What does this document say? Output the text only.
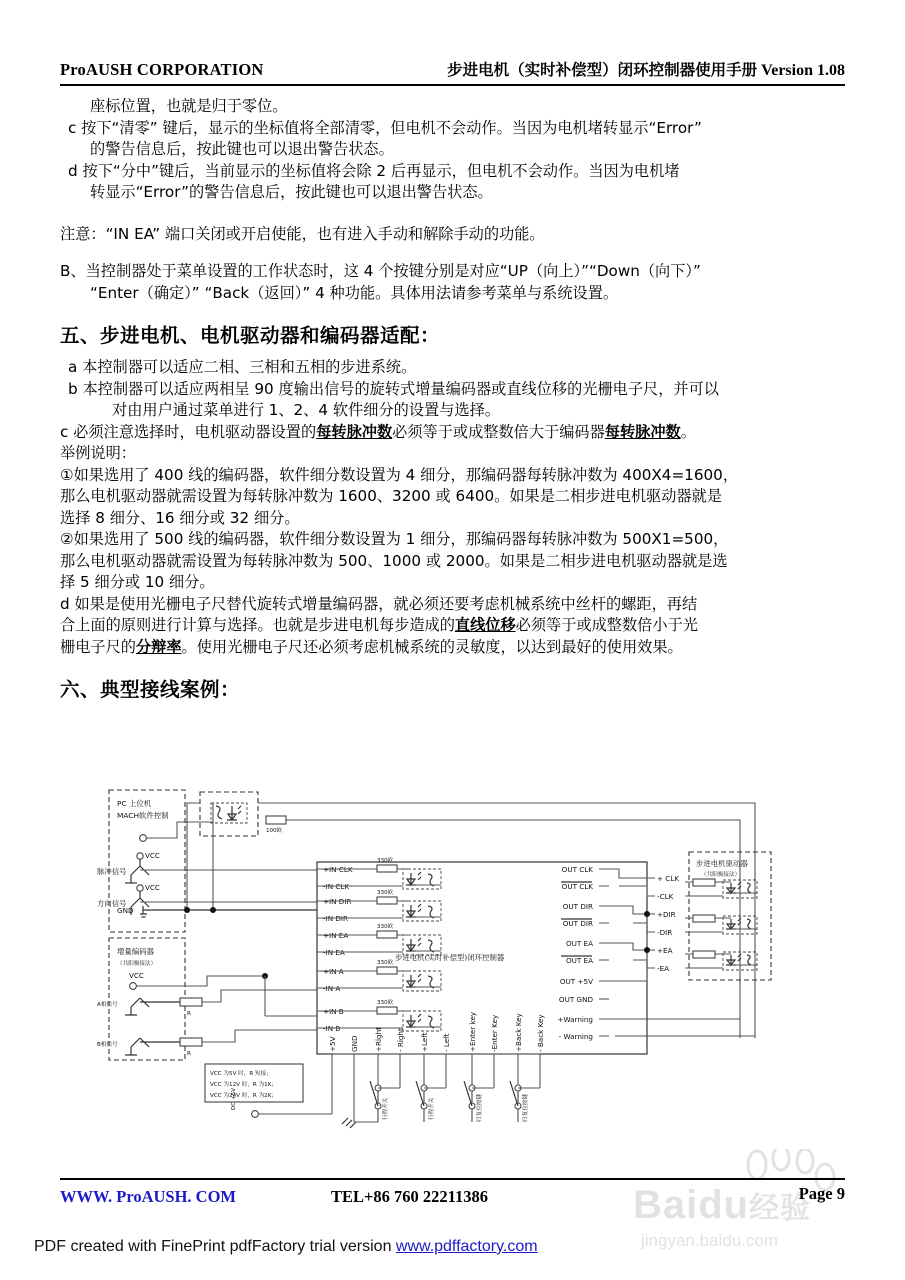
ProAUSH CORPORATION	步进电机（实时补偿型）闭环控制器使用手册 Version 1.08

座标位置，也就是归于零位。

c 按下“清零” 键后，显示的坐标值将全部清零，但电机不会动作。当因为电机堵转显示“Error”

的警告信息后，按此键也可以退出警告状态。

d 按下“分中”键后，当前显示的坐标值将会除 2 后再显示，但电机不会动作。当因为电机堵

转显示“Error”的警告信息后，按此键也可以退出警告状态。

注意：“IN EA” 端口关闭或开启使能，也有进入手动和解除手动的功能。

B、当控制器处于菜单设置的工作状态时，这 4 个按键分别是对应“UP（向上）”“Down（向下）”

“Enter（确定）” “Back（返回）” 4 种功能。具体用法请参考菜单与系统设置。

五、步进电机、电机驱动器和编码器适配：

a 本控制器可以适应二相、三相和五相的步进系统。

b 本控制器可以适应两相呈 90 度输出信号的旋转式增量编码器或直线位移的光栅电子尺，并可以

对由用户通过菜单进行 1、2、4 软件细分的设置与选择。

c 必须注意选择时，电机驱动器设置的每转脉冲数必须等于或成整数倍大于编码器每转脉冲数。

举例说明：

①如果选用了 400 线的编码器，软件细分数设置为 4 细分，那编码器每转脉冲数为 400X4=1600，

那么电机驱动器就需设置为每转脉冲数为 1600、3200 或 6400。如果是二相步进电机驱动器就是

选择 8 细分、16 细分或 32 细分。

②如果选用了 500 线的编码器，软件细分数设置为 1 细分，那编码器每转脉冲数为 500X1=500，

那么电机驱动器就需设置为每转脉冲数为 500、1000 或 2000。如果是二相步进电机驱动器就是选

择 5 细分或 10 细分。

d 如果是使用光栅电子尺替代旋转式增量编码器，就必须还要考虑机械系统中丝杆的螺距，再结

合上面的原则进行计算与选择。也就是步进电机每步造成的直线位移必须等于或成整数倍小于光

栅电子尺的分辩率。使用光栅电子尺还必须考虑机械系统的灵敏度，以达到最好的使用效果。

六、典型接线案例：

PC 上位机
MACH软件控制
100欧
VCC
脉冲信号
VCC
方向信号
GND
增量编码器
（共阳极接法）
VCC
A相信号
R
B相信号
R
VCC 为5V 时，R 短接；
VCC 为12V 时，R 为1K；
VCC 为24V 时，R 为2K；
步进电机(实时补偿型)闭环控制器
+IN CLK
-IN CLK
330欧
+IN DIR
-IN DIR
330欧
+IN EA
-IN EA
330欧
+IN A
-IN A
330欧
+IN B
-IN B
330欧
OUT CLK
OUT CLK
OUT DIR
OUT DIR
OUT EA
OUT EA
OUT +5V
OUT GND
+Warning
- Warning
步进电机驱动器
（共阳极接法）
+ CLK
-CLK
+DIR
-DIR
+EA
-EA
+5V GND +Right - Right +Left - Left +Enter key -Enter Key +Back Key - Back Key
DC +5V	行程开关	行程开关	归复位按键	归复位按键
Baidu经验
jingyan.baidu.com
WWW. ProAUSH. COM	TEL+86 760 22211386	Page 9
PDF created with FinePrint pdfFactory trial version www.pdffactory.com
